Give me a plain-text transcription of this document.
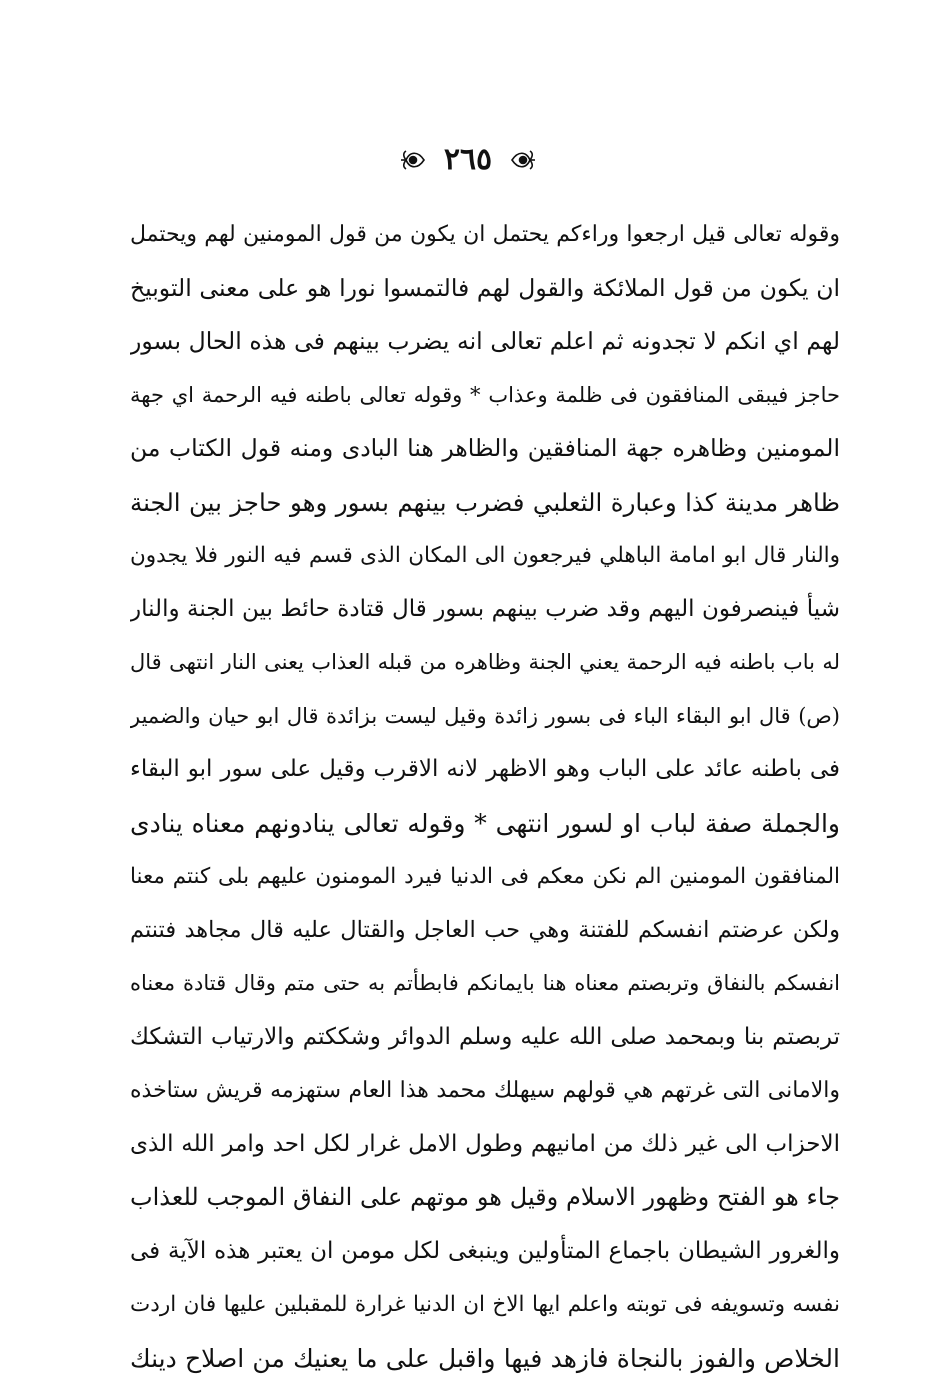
٢٦٥
وقوله تعالى قيل ارجعوا وراءكم يحتمل ان يكون من قول المومنين لهم ويحتمل
ان يكون من قول الملائكة والقول لهم فالتمسوا نورا هو على معنى التوبيخ
لهم اي انكم لا تجدونه ثم اعلم تعالى انه يضرب بينهم فى هذه الحال بسور
حاجز فيبقى المنافقون فى ظلمة وعذاب * وقوله تعالى باطنه فيه الرحمة اي جهة
المومنين وظاهره جهة المنافقين والظاهر هنا البادى ومنه قول الكتاب من
ظاهر مدينة كذا وعبارة الثعلبي فضرب بينهم بسور وهو حاجز بين الجنة
والنار قال ابو امامة الباهلي فيرجعون الى المكان الذى قسم فيه النور فلا يجدون
شيأ فينصرفون اليهم وقد ضرب بينهم بسور قال قتادة حائط بين الجنة والنار
له باب باطنه فيه الرحمة يعني الجنة وظاهره من قبله العذاب يعنى النار انتهى قال
(ص) قال ابو البقاء الباء فى بسور زائدة وقيل ليست بزائدة قال ابو حيان والضمير
فى باطنه عائد على الباب وهو الاظهر لانه الاقرب وقيل على سور ابو البقاء
والجملة صفة لباب او لسور انتهى * وقوله تعالى ينادونهم معناه ينادى
المنافقون المومنين الم نكن معكم فى الدنيا فيرد المومنون عليهم بلى كنتم معنا
ولكن عرضتم انفسكم للفتنة وهي حب العاجل والقتال عليه قال مجاهد فتنتم
انفسكم بالنفاق وتربصتم معناه هنا بايمانكم فابطأتم به حتى متم وقال قتادة معناه
تربصتم بنا وبمحمد صلى الله عليه وسلم الدوائر وشككتم والارتياب التشكك
والامانى التى غرتهم هي قولهم سيهلك محمد هذا العام ستهزمه قريش ستاخذه
الاحزاب الى غير ذلك من امانيهم وطول الامل غرار لكل احد وامر الله الذى
جاء هو الفتح وظهور الاسلام وقيل هو موتهم على النفاق الموجب للعذاب
والغرور الشيطان باجماع المتأولين وينبغى لكل مومن ان يعتبر هذه الآية فى
نفسه وتسويفه فى توبته واعلم ايها الاخ ان الدنيا غرارة للمقبلين عليها فان اردت
الخلاص والفوز بالنجاة فازهد فيها واقبل على ما يعنيك من اصلاح دينك
